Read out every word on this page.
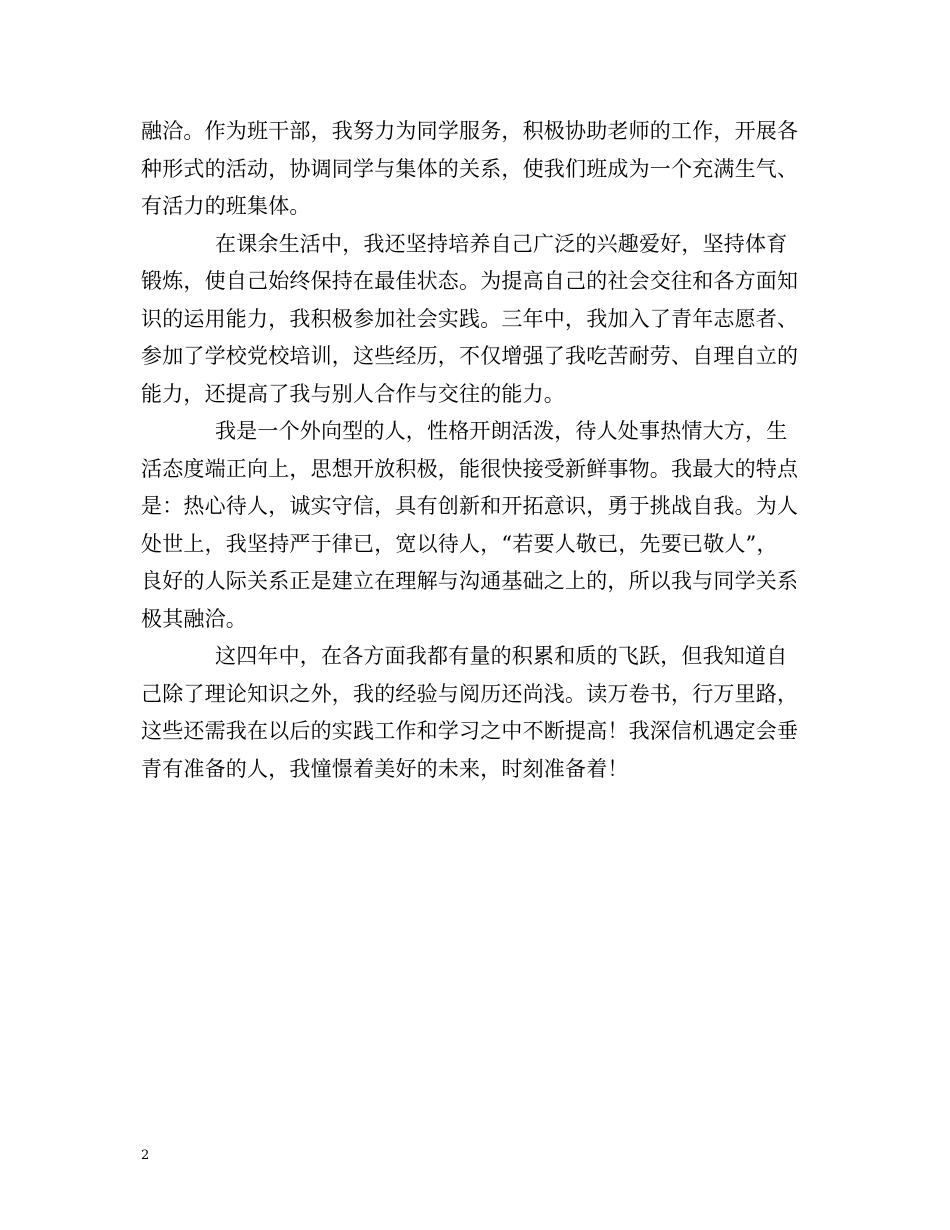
融洽。作为班干部，我努力为同学服务，积极协助老师的工作，开展各
种形式的活动，协调同学与集体的关系，使我们班成为一个充满生气、
有活力的班集体。
在课余生活中，我还坚持培养自己广泛的兴趣爱好，坚持体育
锻炼，使自己始终保持在最佳状态。为提高自己的社会交往和各方面知
识的运用能力，我积极参加社会实践。三年中，我加入了青年志愿者、
参加了学校党校培训，这些经历，不仅增强了我吃苦耐劳、自理自立的
能力，还提高了我与别人合作与交往的能力。
我是一个外向型的人，性格开朗活泼，待人处事热情大方，生
活态度端正向上，思想开放积极，能很快接受新鲜事物。我最大的特点
是：热心待人，诚实守信，具有创新和开拓意识，勇于挑战自我。为人
处世上，我坚持严于律已，宽以待人，“若要人敬已，先要已敬人”，
良好的人际关系正是建立在理解与沟通基础之上的，所以我与同学关系
极其融洽。
这四年中，在各方面我都有量的积累和质的飞跃，但我知道自
己除了理论知识之外，我的经验与阅历还尚浅。读万卷书，行万里路，
这些还需我在以后的实践工作和学习之中不断提高！我深信机遇定会垂
青有准备的人，我憧憬着美好的未来，时刻准备着！
2
